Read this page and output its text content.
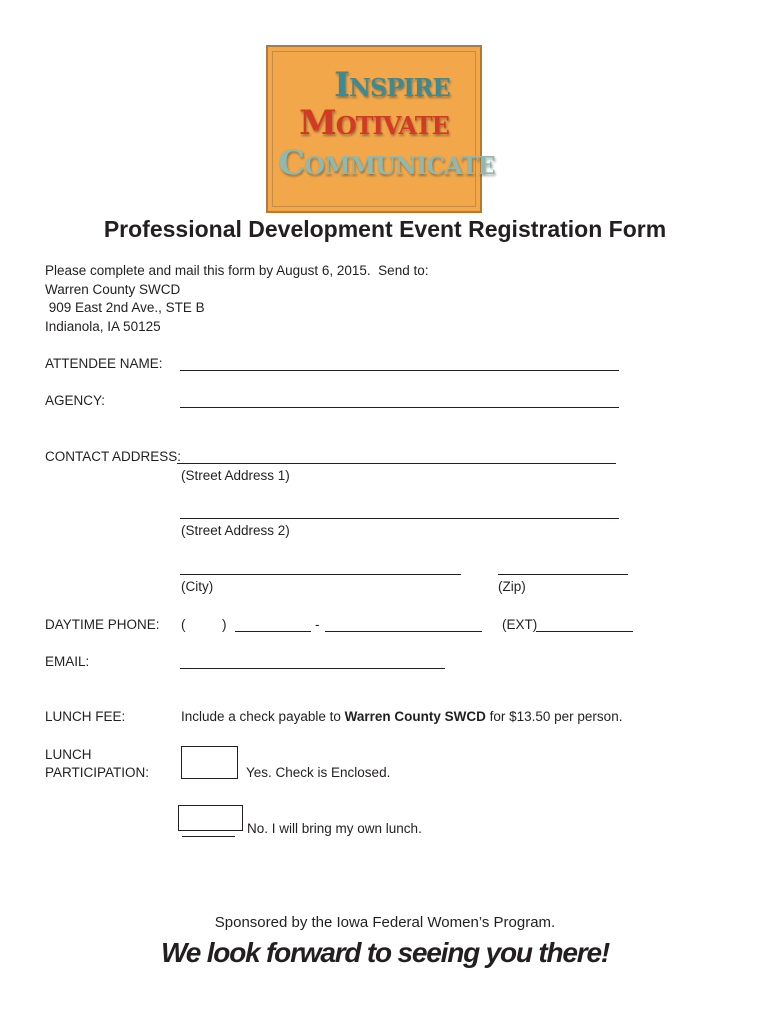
Inspire
Motivate
Communicate
Professional Development Event Registration Form
Please complete and mail this form by August 6, 2015.  Send to:
Warren County SWCD
909 East 2nd Ave., STE B
Indianola, IA 50125
ATTENDEE NAME:
AGENCY:
CONTACT ADDRESS:
(Street Address 1)
(Street Address 2)
(City)	(Zip)
DAYTIME PHONE: (	)	-	(EXT)
EMAIL:
LUNCH FEE:	Include a check payable to Warren County SWCD for $13.50 per person.
LUNCH
PARTICIPATION:	Yes. Check is Enclosed.
No. I will bring my own lunch.
Sponsored by the Iowa Federal Women’s Program.
We look forward to seeing you there!
